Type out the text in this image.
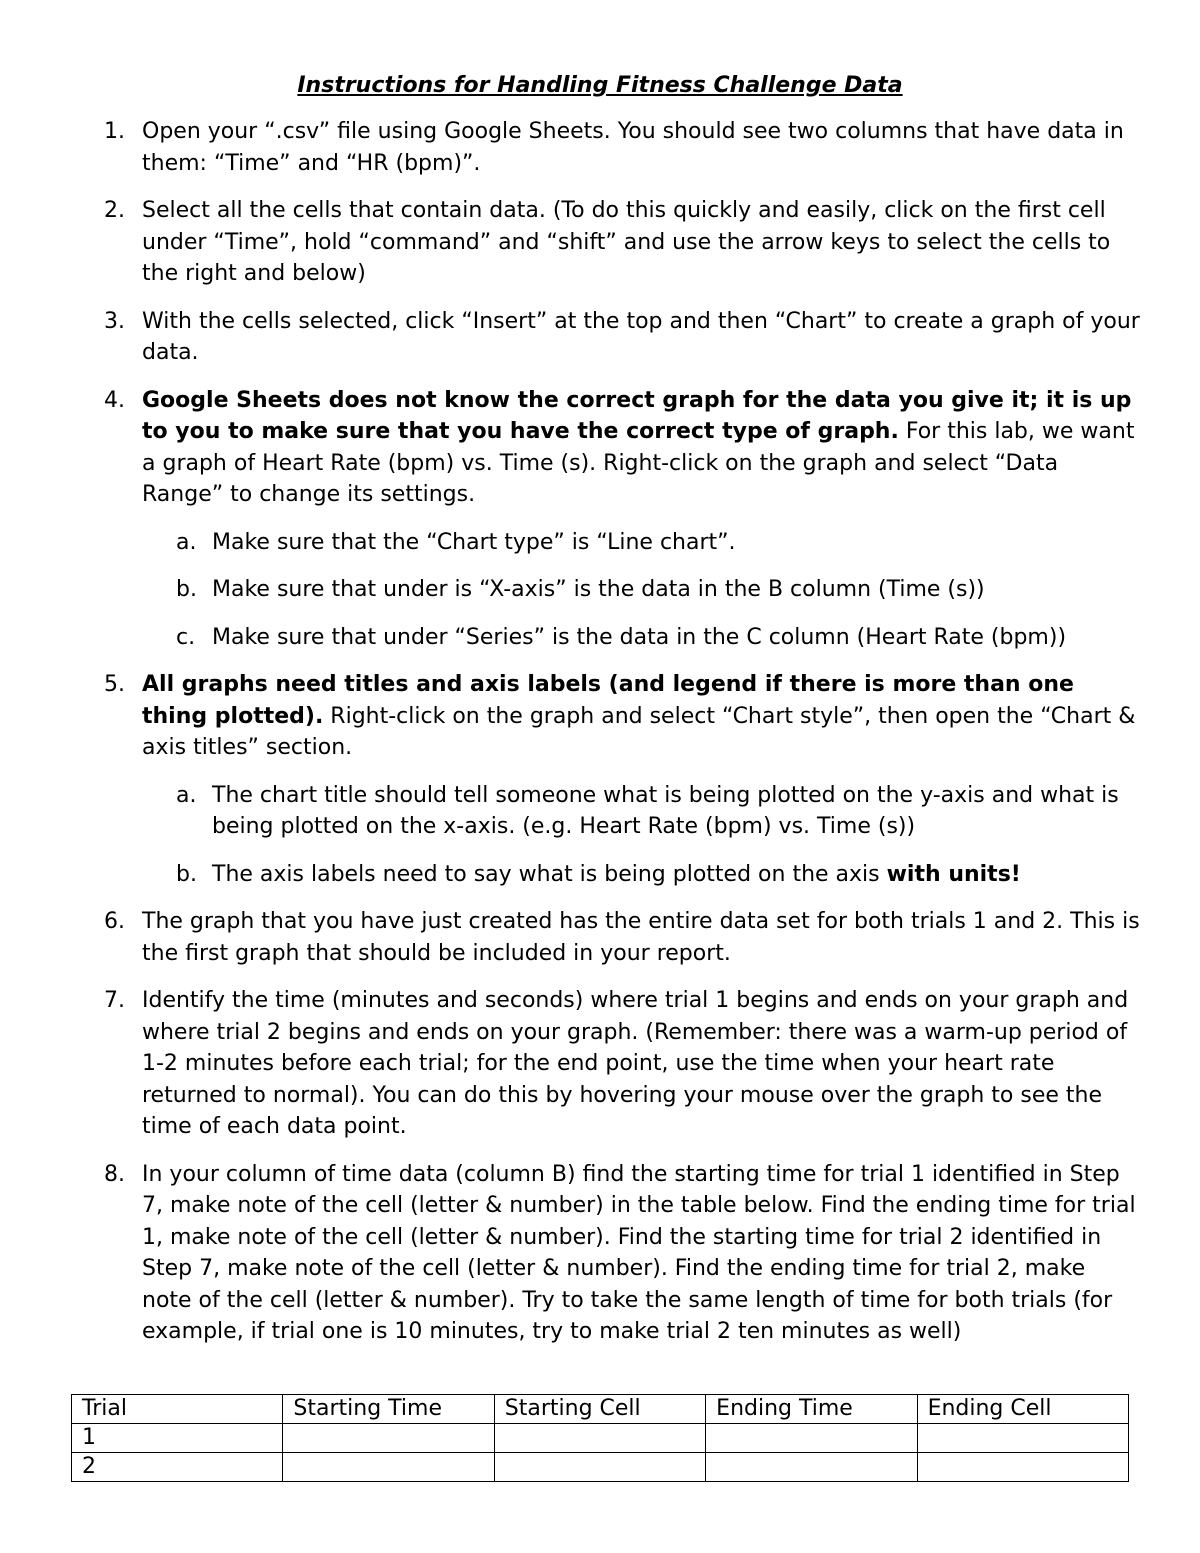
Instructions for Handling Fitness Challenge Data
1. Open your “.csv” file using Google Sheets. You should see two columns that have data in them: “Time” and “HR (bpm)”.
2. Select all the cells that contain data. (To do this quickly and easily, click on the first cell under “Time”, hold “command” and “shift” and use the arrow keys to select the cells to the right and below)
3. With the cells selected, click “Insert” at the top and then “Chart” to create a graph of your data.
4. Google Sheets does not know the correct graph for the data you give it; it is up to you to make sure that you have the correct type of graph. For this lab, we want a graph of Heart Rate (bpm) vs. Time (s). Right-click on the graph and select “Data Range” to change its settings.
a. Make sure that the “Chart type” is “Line chart”.
b. Make sure that under is “X-axis” is the data in the B column (Time (s))
c. Make sure that under “Series” is the data in the C column (Heart Rate (bpm))
5. All graphs need titles and axis labels (and legend if there is more than one thing plotted). Right-click on the graph and select “Chart style”, then open the “Chart & axis titles” section.
a. The chart title should tell someone what is being plotted on the y-axis and what is being plotted on the x-axis. (e.g. Heart Rate (bpm) vs. Time (s))
b. The axis labels need to say what is being plotted on the axis with units!
6. The graph that you have just created has the entire data set for both trials 1 and 2. This is the first graph that should be included in your report.
7. Identify the time (minutes and seconds) where trial 1 begins and ends on your graph and where trial 2 begins and ends on your graph. (Remember: there was a warm-up period of 1-2 minutes before each trial; for the end point, use the time when your heart rate returned to normal). You can do this by hovering your mouse over the graph to see the time of each data point.
8. In your column of time data (column B) find the starting time for trial 1 identified in Step 7, make note of the cell (letter & number) in the table below. Find the ending time for trial 1, make note of the cell (letter & number). Find the starting time for trial 2 identified in Step 7, make note of the cell (letter & number). Find the ending time for trial 2, make note of the cell (letter & number). Try to take the same length of time for both trials (for example, if trial one is 10 minutes, try to make trial 2 ten minutes as well)
Trial	Starting Time	Starting Cell	Ending Time	Ending Cell
1				
2				
